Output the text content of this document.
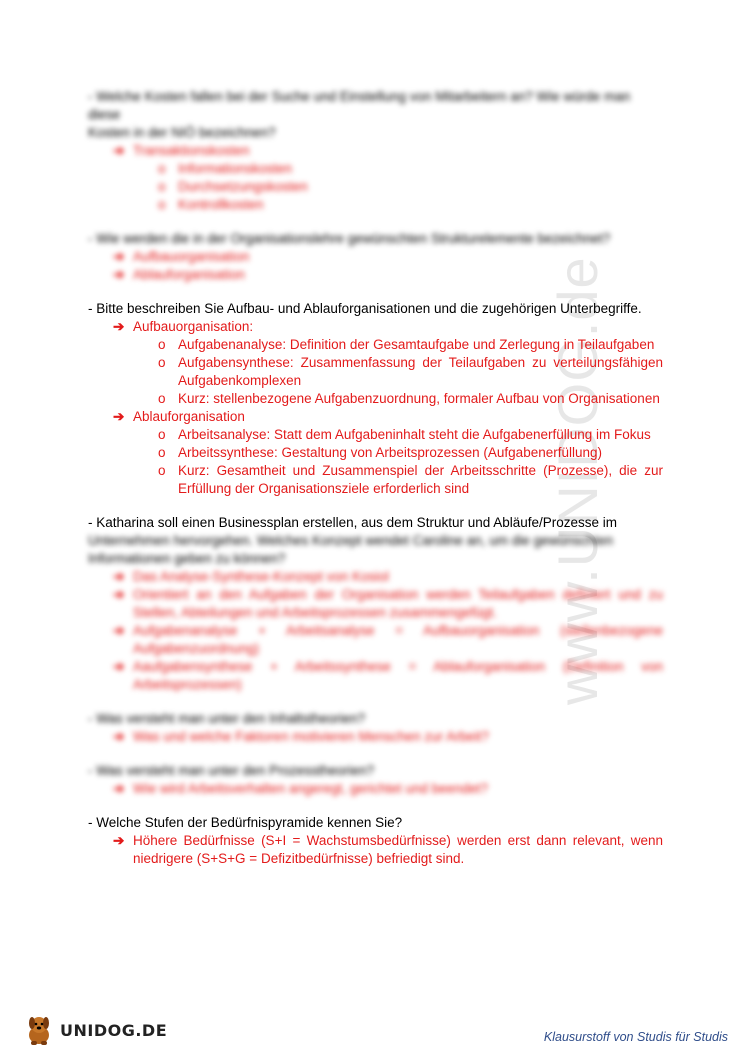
www.UNIDOG.de
- Welche Kosten fallen bei der Suche und Einstellung von Mitarbeitern an? Wie würde man diese
Kosten in der NIÖ bezeichnen?
➔ Transaktionskosten
o Informationskosten
o Durchsetzungskosten
o Kontrollkosten
- Wie werden die in der Organisationslehre gewünschten Strukturelemente bezeichnet?
➔ Aufbauorganisation
➔ Ablauforganisation
- Bitte beschreiben Sie Aufbau- und Ablauforganisationen und die zugehörigen Unterbegriffe.
➔ Aufbauorganisation:
o Aufgabenanalyse: Definition der Gesamtaufgabe und Zerlegung in Teilaufgaben
o Aufgabensynthese: Zusammenfassung der Teilaufgaben zu verteilungsfähigen Aufgabenkomplexen
o Kurz: stellenbezogene Aufgabenzuordnung, formaler Aufbau von Organisationen
➔ Ablauforganisation
o Arbeitsanalyse: Statt dem Aufgabeninhalt steht die Aufgabenerfüllung im Fokus
o Arbeitssynthese: Gestaltung von Arbeitsprozessen (Aufgabenerfüllung)
o Kurz: Gesamtheit und Zusammenspiel der Arbeitsschritte (Prozesse), die zur Erfüllung der Organisationsziele erforderlich sind
- Katharina soll einen Businessplan erstellen, aus dem Struktur und Abläufe/Prozesse im
Unternehmen hervorgehen. Welches Konzept wendet Caroline an, um die gewünschten
Informationen geben zu können?
➔ Das Analyse-Synthese-Konzept von Kosiol
➔ Orientiert an den Aufgaben der Organisation werden Teilaufgaben definiert und zu Stellen, Abteilungen und Arbeitsprozessen zusammengefügt.
➔ Aufgabenanalyse + Arbeitsanalyse = Aufbauorganisation (stellenbezogene Aufgabenzuordnung)
➔ Aaufgabensynthese + Arbeitssynthese = Ablauforganisation (Definition von Arbeitsprozessen)
- Was versteht man unter den Inhaltstheorien?
➔ Was und welche Faktoren motivieren Menschen zur Arbeit?
- Was versteht man unter den Prozesstheorien?
➔ Wie wird Arbeitsverhalten angeregt, gerichtet und beendet?
- Welche Stufen der Bedürfnispyramide kennen Sie?
➔ Höhere Bedürfnisse (S+I = Wachstumsbedürfnisse) werden erst dann relevant, wenn niedrigere (S+S+G = Defizitbedürfnisse) befriedigt sind.
UNIDOG.DE	Klausurstoff von Studis für Studis
